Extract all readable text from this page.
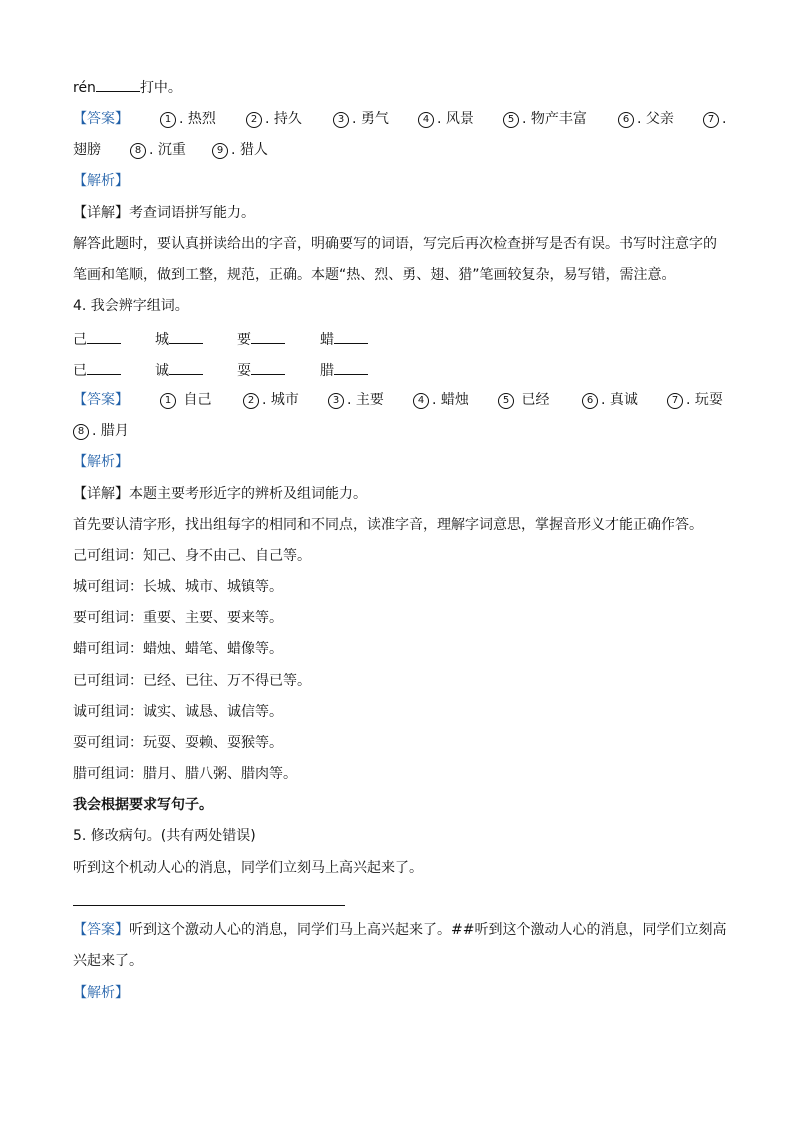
rén	打中。
【答案】	1 . 热烈	2 . 持久	3 . 勇气	4 . 风景	5 . 物产丰富	6 . 父亲	7 .
翅膀	8 . 沉重	9 . 猎人
【解析】
【详解】考查词语拼写能力。
解答此题时，要认真拼读给出的字音，明确要写的词语，写完后再次检查拼写是否有误。书写时注意字的
笔画和笔顺，做到工整，规范，正确。本题“热、烈、勇、翅、猎”笔画较复杂，易写错，需注意。
4. 我会辨字组词。
己	城	要	蜡
已	诚	耍	腊
【答案】	1 自己	2 . 城市	3 . 主要	4 . 蜡烛	5 已经	6 . 真诚	7 . 玩耍
8 . 腊月
【解析】
【详解】本题主要考形近字的辨析及组词能力。
首先要认清字形，找出组每字的相同和不同点，读准字音，理解字词意思，掌握音形义才能正确作答。
己可组词：知己、身不由己、自己等。
城可组词：长城、城市、城镇等。
要可组词：重要、主要、要来等。
蜡可组词：蜡烛、蜡笔、蜡像等。
已可组词：已经、已往、万不得已等。
诚可组词：诚实、诚恳、诚信等。
耍可组词：玩耍、耍赖、耍猴等。
腊可组词：腊月、腊八粥、腊肉等。
我会根据要求写句子。
5. 修改病句。(共有两处错误)
听到这个机动人心的消息，同学们立刻马上高兴起来了。
【答案】听到这个激动人心的消息，同学们马上高兴起来了。##听到这个激动人心的消息，同学们立刻高
兴起来了。
【解析】
